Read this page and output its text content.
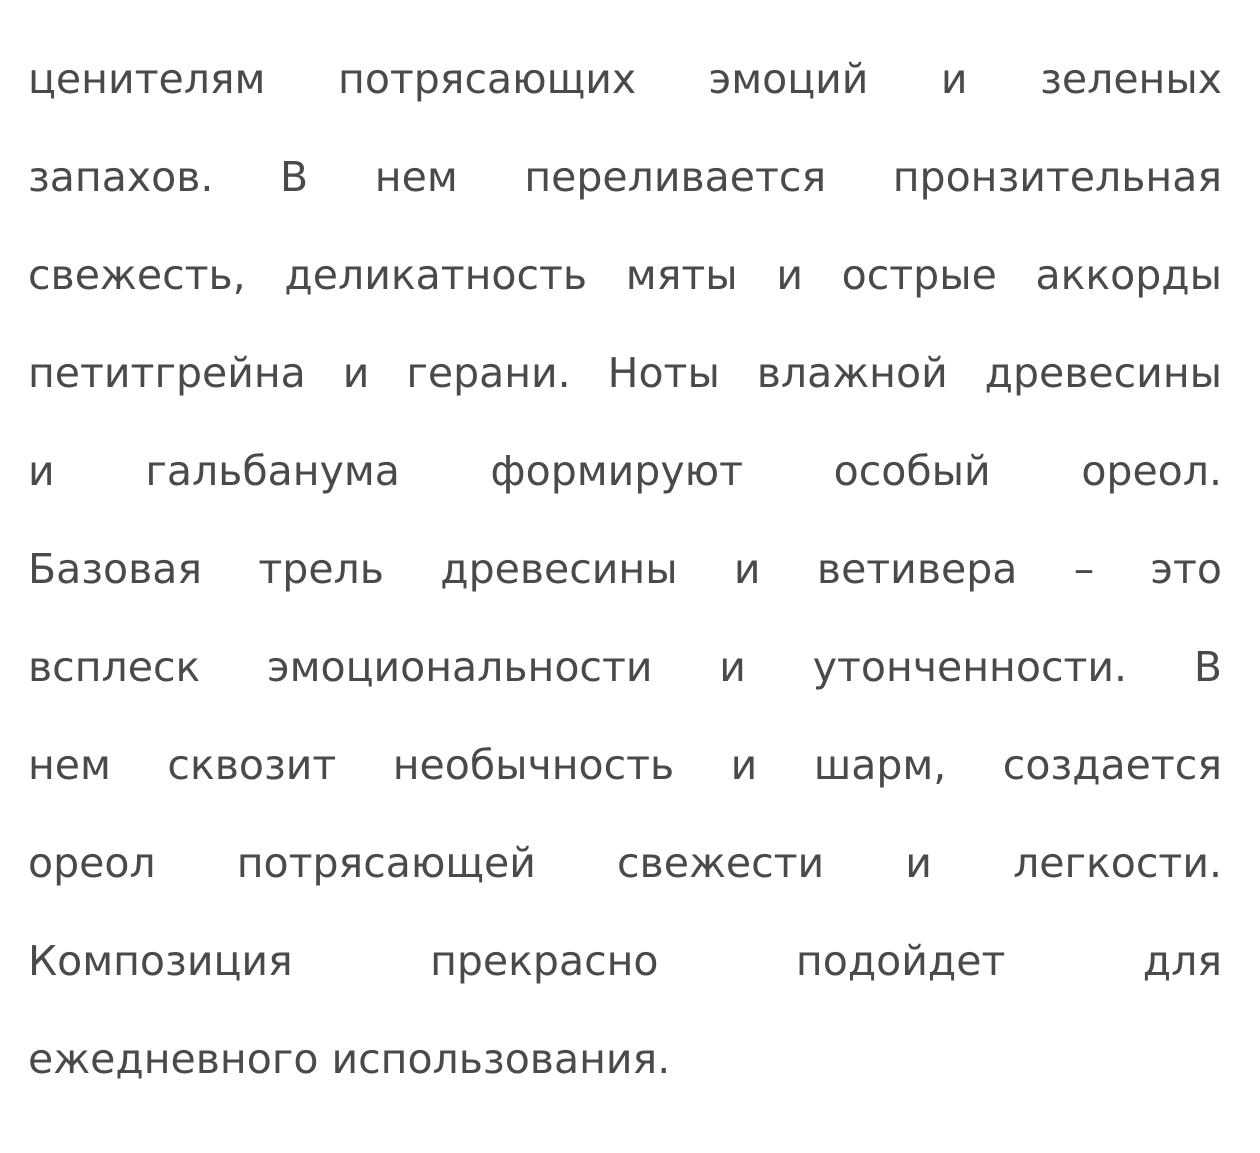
ценителям потрясающих эмоций и зеленых
запахов. В нем переливается пронзительная
свежесть, деликатность мяты и острые аккорды
петитгрейна и герани. Ноты влажной древесины
и гальбанума формируют особый ореол.
Базовая трель древесины и ветивера – это
всплеск эмоциональности и утонченности. В
нем сквозит необычность и шарм, создается
ореол потрясающей свежести и легкости.
Композиция прекрасно подойдет для
ежедневного использования.
